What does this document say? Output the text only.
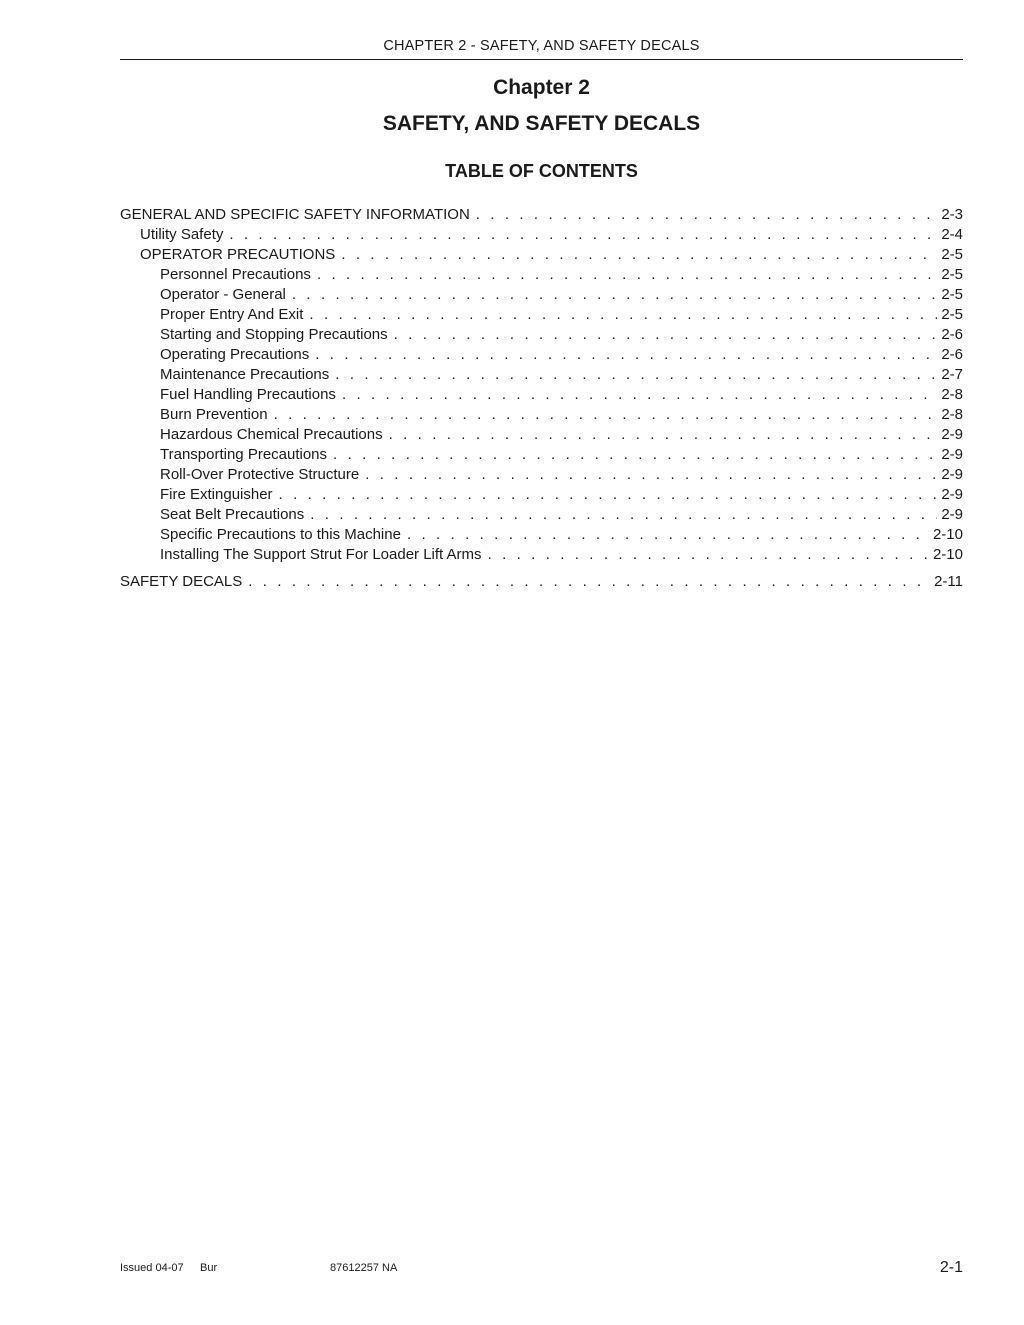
CHAPTER 2 - SAFETY, AND SAFETY DECALS
Chapter 2
SAFETY, AND SAFETY DECALS
TABLE OF CONTENTS
GENERAL AND SPECIFIC SAFETY INFORMATION . . .	2-3
Utility Safety . . .	2-4
OPERATOR PRECAUTIONS . . .	2-5
Personnel Precautions . . .	2-5
Operator - General . . .	2-5
Proper Entry And Exit . . .	2-5
Starting and Stopping Precautions . . .	2-6
Operating Precautions . . .	2-6
Maintenance Precautions . . .	2-7
Fuel Handling Precautions . . .	2-8
Burn Prevention . . .	2-8
Hazardous Chemical Precautions . . .	2-9
Transporting Precautions . . .	2-9
Roll-Over Protective Structure . . .	2-9
Fire Extinguisher . . .	2-9
Seat Belt Precautions . . .	2-9
Specific Precautions to this Machine . . .	2-10
Installing The Support Strut For Loader Lift Arms . . .	2-10
SAFETY DECALS . . .	2-11
Issued 04-07 Bur	87612257 NA	2-1
